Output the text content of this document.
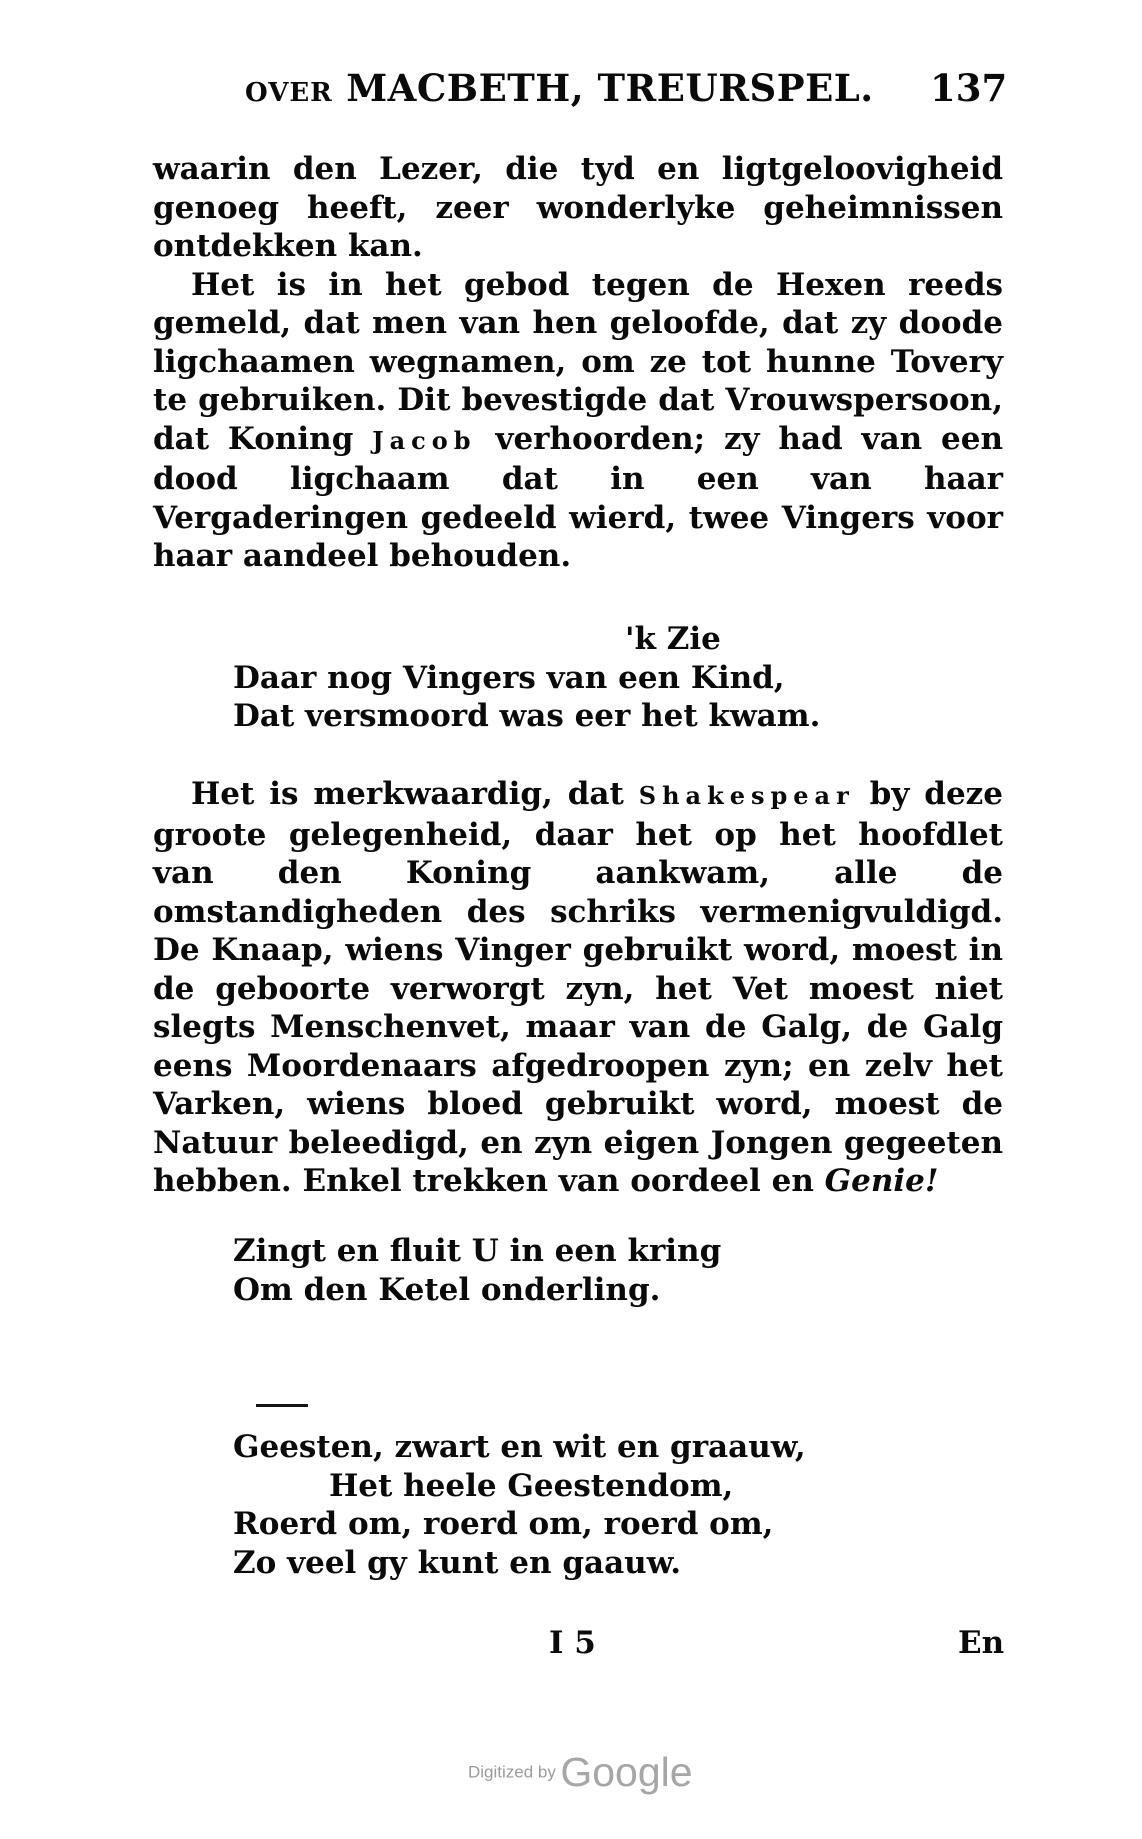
OVER MACBETH, TREURSPEL.	137

waarin den Lezer, die tyd en ligtgeloovigheid genoeg heeft, zeer wonderlyke geheimnissen ontdekken kan.

Het is in het gebod tegen de Hexen reeds gemeld, dat men van hen geloofde, dat zy doode ligchaamen wegnamen, om ze tot hunne Tovery te gebruiken. Dit bevestigde dat Vrouwspersoon, dat Koning Jacob verhoorden; zy had van een dood ligchaam dat in een van haar Vergaderingen gedeeld wierd, twee Vingers voor haar aandeel behouden.

'k Zie
Daar nog Vingers van een Kind,
Dat versmoord was eer het kwam.
Het is merkwaardig, dat Shakespear by deze groote gelegenheid, daar het op het hoofdlet van den Koning aankwam, alle de omstandigheden des schriks vermenigvuldigd. De Knaap, wiens Vinger gebruikt word, moest in de geboorte verworgt zyn, het Vet moest niet slegts Menschenvet, maar van de Galg, de Galg eens Moordenaars afgedroopen zyn; en zelv het Varken, wiens bloed gebruikt word, moest de Natuur beleedigd, en zyn eigen Jongen gegeeten hebben. Enkel trekken van oordeel en Genie!
Zingt en fluit U in een kring
Om den Ketel onderling.
Geesten, zwart en wit en graauw,
Het heele Geestendom,
Roerd om, roerd om, roerd om,
Zo veel gy kunt en gaauw.
I 5	En
Digitized by Google
